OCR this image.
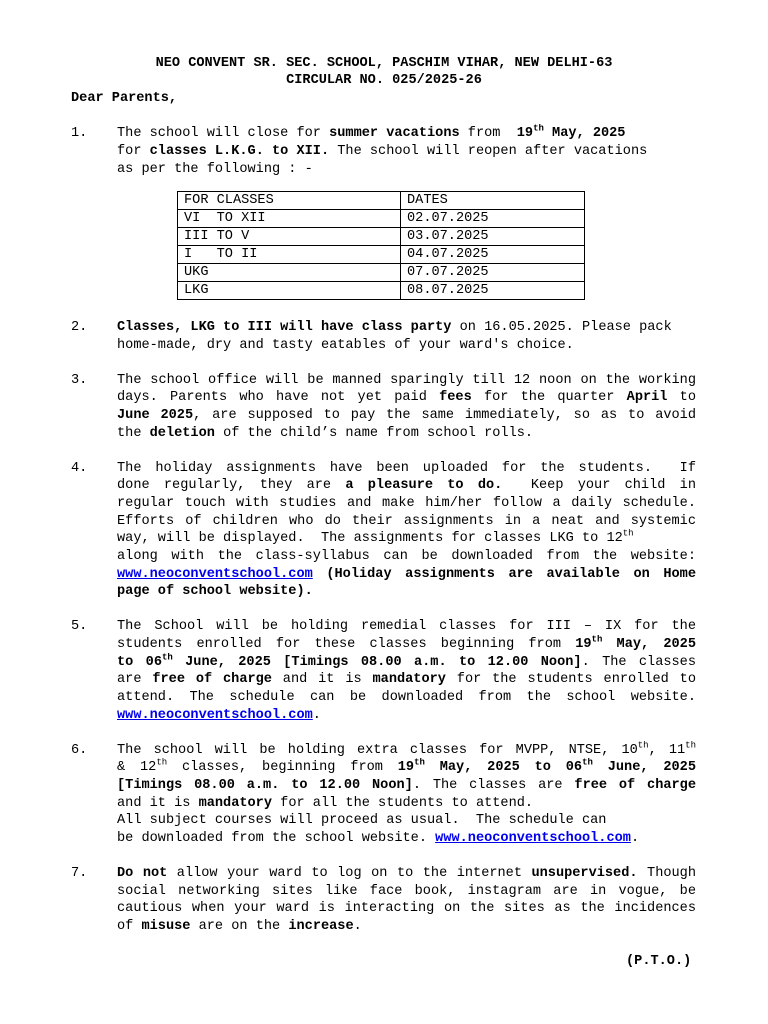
NEO CONVENT SR. SEC. SCHOOL, PASCHIM VIHAR, NEW DELHI-63
CIRCULAR NO. 025/2025-26
Dear Parents,
1. The school will close for summer vacations from  19th May, 2025
for classes L.K.G. to XII. The school will reopen after vacations
as per the following : -
FOR CLASSES	DATES
VI  TO XII	02.07.2025
III TO V	03.07.2025
I   TO II	04.07.2025
UKG	07.07.2025
LKG	08.07.2025
2. Classes, LKG to III will have class party on 16.05.2025. Please pack
home-made, dry and tasty eatables of your ward's choice.
3. The school office will be manned sparingly till 12 noon on the working
days. Parents who have not yet paid fees for the quarter April to
June 2025, are supposed to pay the same immediately, so as to avoid
the deletion of the child’s name from school rolls.
4. The holiday assignments have been uploaded for the students.  If
done regularly, they are a pleasure to do.  Keep your child in
regular touch with studies and make him/her follow a daily schedule.
Efforts of children who do their assignments in a neat and systemic
way, will be displayed.  The assignments for classes LKG to 12th
along with the class-syllabus can be downloaded from the website:
www.neoconventschool.com (Holiday assignments are available on Home
page of school website).
5. The School will be holding remedial classes for III – IX for the
students enrolled for these classes beginning from 19th May, 2025
to 06th June, 2025 [Timings 08.00 a.m. to 12.00 Noon]. The classes
are free of charge and it is mandatory for the students enrolled to
attend. The schedule can be downloaded from the school website.
www.neoconventschool.com.
6. The school will be holding extra classes for MVPP, NTSE, 10th, 11th
& 12th classes, beginning from 19th May, 2025 to 06th June, 2025
[Timings 08.00 a.m. to 12.00 Noon]. The classes are free of charge
and it is mandatory for all the students to attend.
All subject courses will proceed as usual.  The schedule can
be downloaded from the school website. www.neoconventschool.com.
7. Do not allow your ward to log on to the internet unsupervised. Though
social networking sites like face book, instagram are in vogue, be
cautious when your ward is interacting on the sites as the incidences
of misuse are on the increase.
(P.T.O.)
